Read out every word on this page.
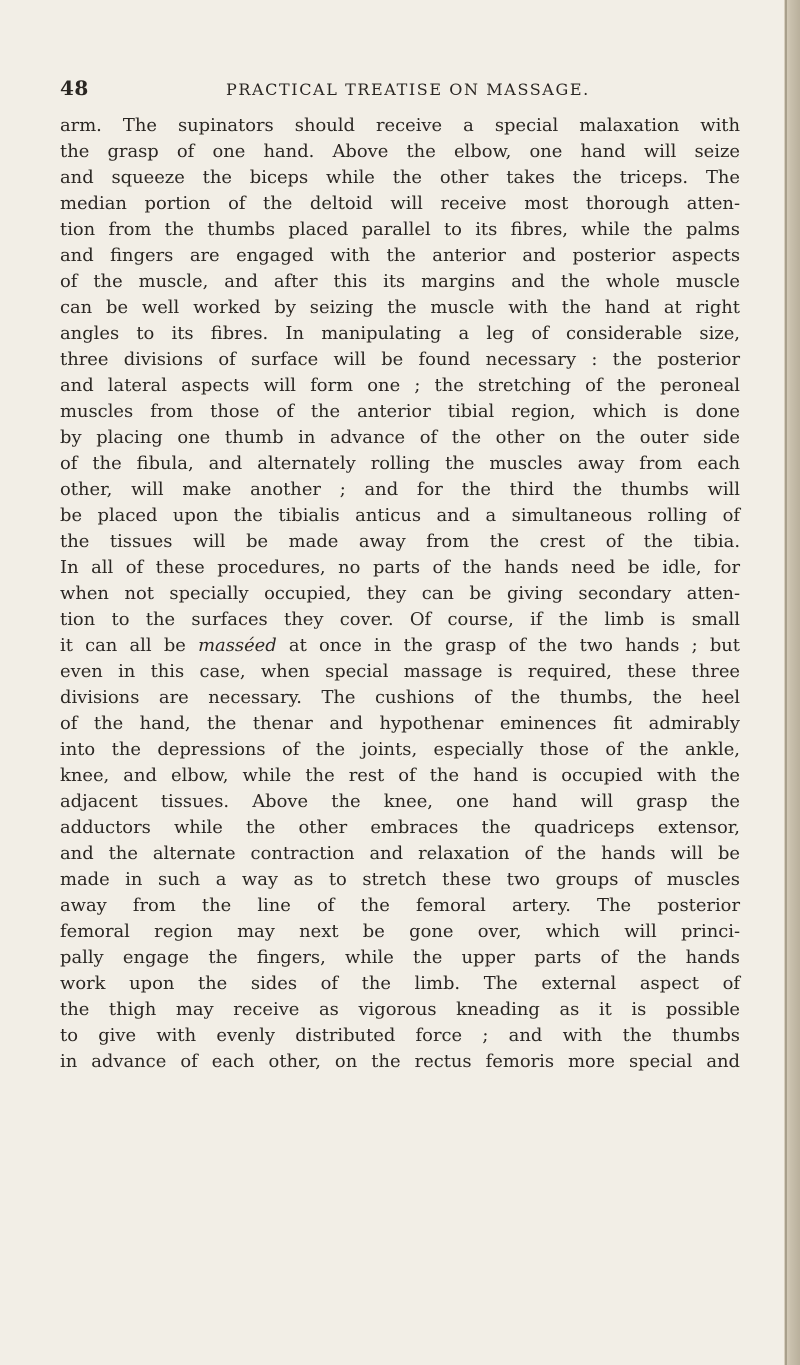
48	PRACTICAL TREATISE ON MASSAGE.
arm. The supinators should receive a special malaxation with
the grasp of one hand. Above the elbow, one hand will seize
and squeeze the biceps while the other takes the triceps. The
median portion of the deltoid will receive most thorough atten-
tion from the thumbs placed parallel to its fibres, while the palms
and fingers are engaged with the anterior and posterior aspects
of the muscle, and after this its margins and the whole muscle
can be well worked by seizing the muscle with the hand at right
angles to its fibres. In manipulating a leg of considerable size,
three divisions of surface will be found necessary : the posterior
and lateral aspects will form one ; the stretching of the peroneal
muscles from those of the anterior tibial region, which is done
by placing one thumb in advance of the other on the outer side
of the fibula, and alternately rolling the muscles away from each
other, will make another ; and for the third the thumbs will
be placed upon the tibialis anticus and a simultaneous rolling of
the tissues will be made away from the crest of the tibia.
In all of these procedures, no parts of the hands need be idle, for
when not specially occupied, they can be giving secondary atten-
tion to the surfaces they cover. Of course, if the limb is small
it can all be masséed at once in the grasp of the two hands ; but
even in this case, when special massage is required, these three
divisions are necessary. The cushions of the thumbs, the heel
of the hand, the thenar and hypothenar eminences fit admirably
into the depressions of the joints, especially those of the ankle,
knee, and elbow, while the rest of the hand is occupied with the
adjacent tissues. Above the knee, one hand will grasp the
adductors while the other embraces the quadriceps extensor,
and the alternate contraction and relaxation of the hands will be
made in such a way as to stretch these two groups of muscles
away from the line of the femoral artery. The posterior
femoral region may next be gone over, which will princi-
pally engage the fingers, while the upper parts of the hands
work upon the sides of the limb. The external aspect of
the thigh may receive as vigorous kneading as it is possible
to give with evenly distributed force ; and with the thumbs
in advance of each other, on the rectus femoris more special and
